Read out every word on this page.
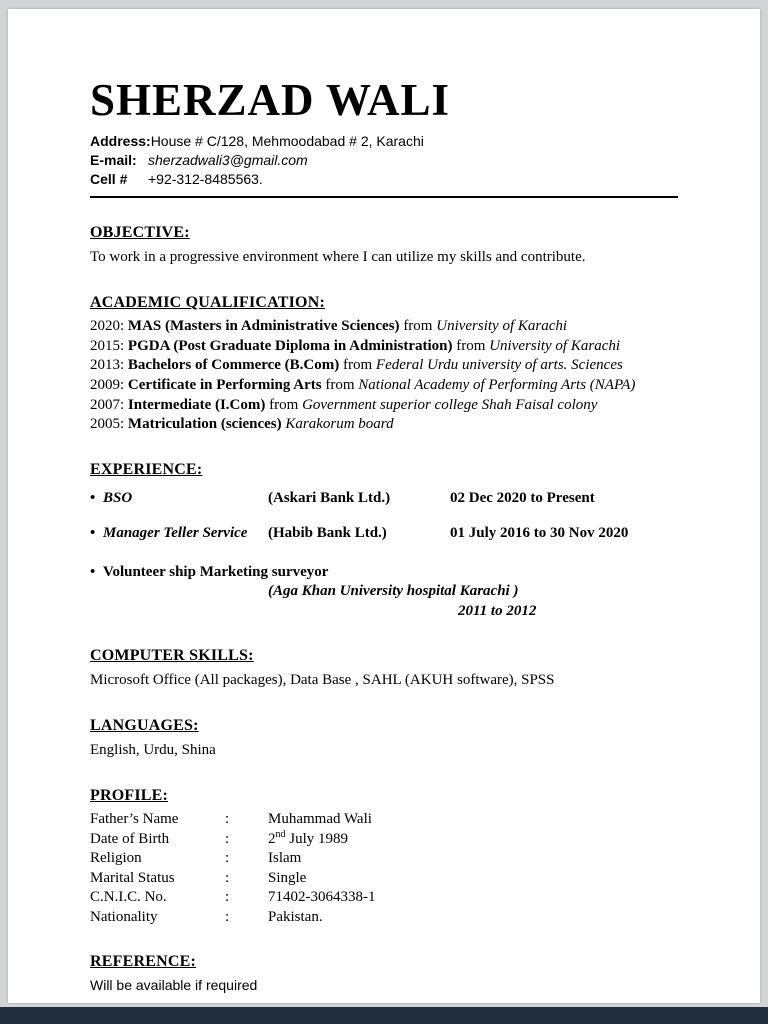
SHERZAD WALI
Address: House # C/128, Mehmoodabad # 2, Karachi
E-mail: sherzadwali3@gmail.com
Cell #	+92-312-8485563.
OBJECTIVE:

To work in a progressive environment where I can utilize my skills and contribute.

ACADEMIC QUALIFICATION:

2020: MAS (Masters in Administrative Sciences) from University of Karachi

2015: PGDA (Post Graduate Diploma in Administration) from University of Karachi

2013: Bachelors of Commerce (B.Com) from Federal Urdu university of arts. Sciences

2009: Certificate in Performing Arts from National Academy of Performing Arts (NAPA)

2007: Intermediate (I.Com) from Government superior college Shah Faisal colony

2005: Matriculation (sciences) Karakorum board

EXPERIENCE:
• BSO	(Askari Bank Ltd.)	02 Dec 2020 to Present
• Manager Teller Service	(Habib Bank Ltd.)	01 July 2016 to 30 Nov 2020
• Volunteer ship Marketing surveyor
(Aga Khan University hospital Karachi )
2011 to 2012
COMPUTER SKILLS:

Microsoft Office (All packages), Data Base , SAHL (AKUH software), SPSS

LANGUAGES:

English, Urdu, Shina

PROFILE:
Father’s Name	:	Muhammad Wali
Date of Birth	:	2nd July 1989
Religion	:	Islam
Marital Status	:	Single
C.N.I.C. No.	:	71402-3064338-1
Nationality	:	Pakistan.
REFERENCE:

Will be available if required
